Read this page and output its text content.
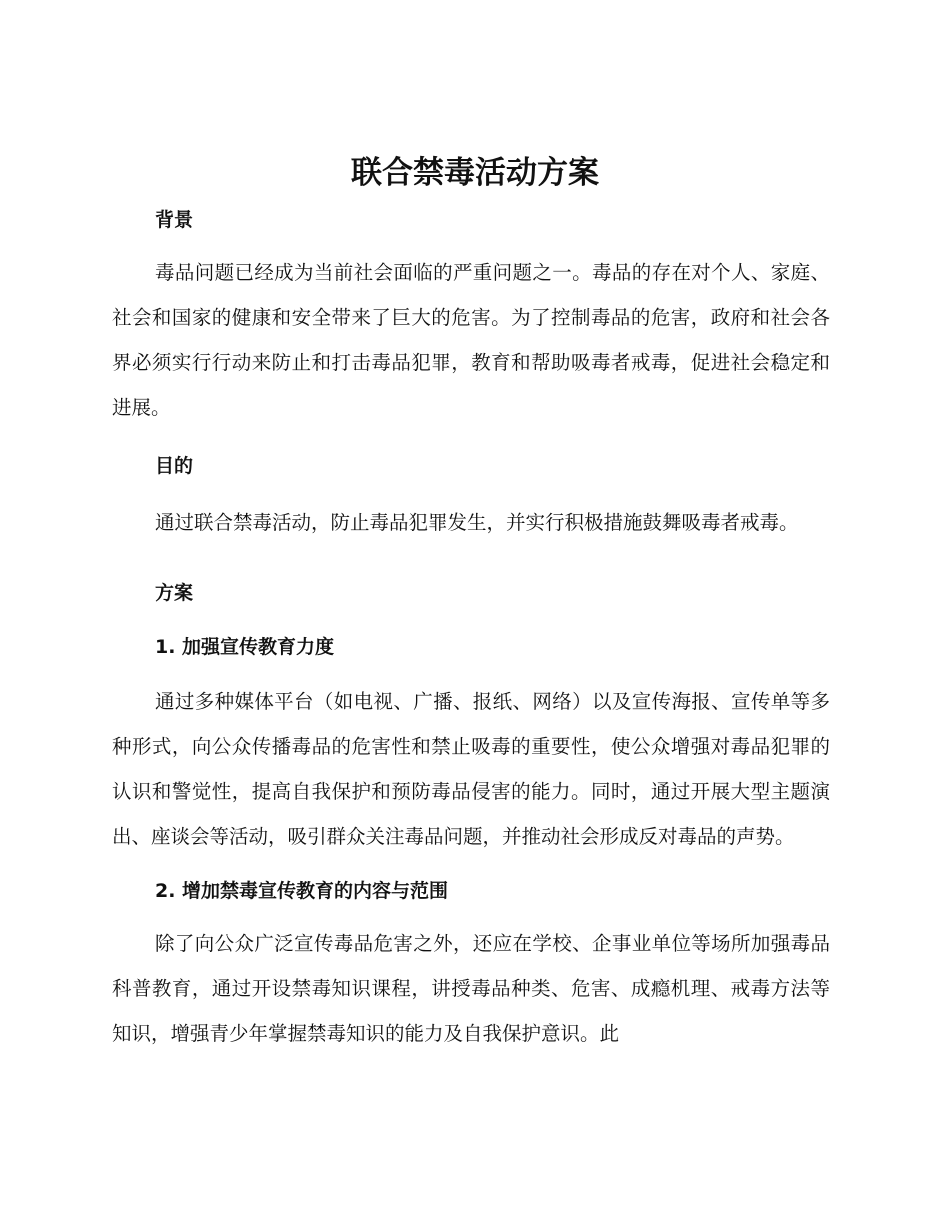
联合禁毒活动方案
背景

毒品问题已经成为当前社会面临的严重问题之一。毒品的存在对个人、家庭、社会和国家的健康和安全带来了巨大的危害。为了控制毒品的危害，政府和社会各界必须实行行动来防止和打击毒品犯罪，教育和帮助吸毒者戒毒，促进社会稳定和进展。

目的

通过联合禁毒活动，防止毒品犯罪发生，并实行积极措施鼓舞吸毒者戒毒。

方案
1. 加强宣传教育力度

通过多种媒体平台（如电视、广播、报纸、网络）以及宣传海报、宣传单等多种形式，向公众传播毒品的危害性和禁止吸毒的重要性，使公众增强对毒品犯罪的认识和警觉性，提高自我保护和预防毒品侵害的能力。同时，通过开展大型主题演出、座谈会等活动，吸引群众关注毒品问题，并推动社会形成反对毒品的声势。

2. 增加禁毒宣传教育的内容与范围

除了向公众广泛宣传毒品危害之外，还应在学校、企事业单位等场所加强毒品科普教育，通过开设禁毒知识课程，讲授毒品种类、危害、成瘾机理、戒毒方法等知识，增强青少年掌握禁毒知识的能力及自我保护意识。此
